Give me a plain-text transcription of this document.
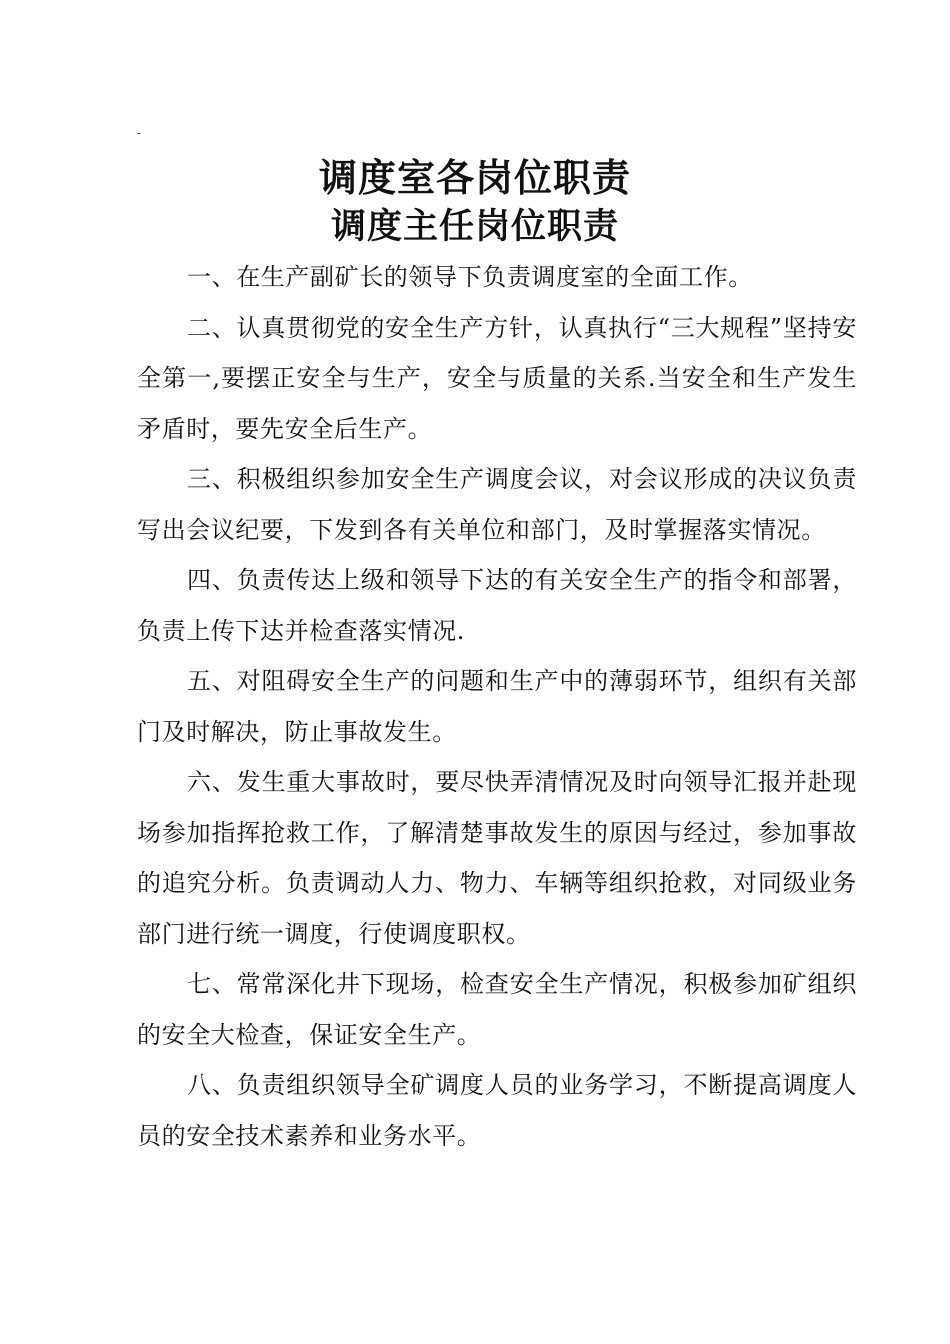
-
调度室各岗位职责
调度主任岗位职责

一、在生产副矿长的领导下负责调度室的全面工作。

二、认真贯彻党的安全生产方针，认真执行“三大规程”坚持安全第一,要摆正安全与生产，安全与质量的关系.当安全和生产发生矛盾时，要先安全后生产。

三、积极组织参加安全生产调度会议，对会议形成的决议负责写出会议纪要，下发到各有关单位和部门，及时掌握落实情况。

四、负责传达上级和领导下达的有关安全生产的指令和部署，负责上传下达并检查落实情况.

五、对阻碍安全生产的问题和生产中的薄弱环节，组织有关部门及时解决，防止事故发生。

六、发生重大事故时，要尽快弄清情况及时向领导汇报并赴现场参加指挥抢救工作，了解清楚事故发生的原因与经过，参加事故的追究分析。负责调动人力、物力、车辆等组织抢救，对同级业务部门进行统一调度，行使调度职权。

七、常常深化井下现场，检查安全生产情况，积极参加矿组织的安全大检查，保证安全生产。

八、负责组织领导全矿调度人员的业务学习，不断提高调度人员的安全技术素养和业务水平。
